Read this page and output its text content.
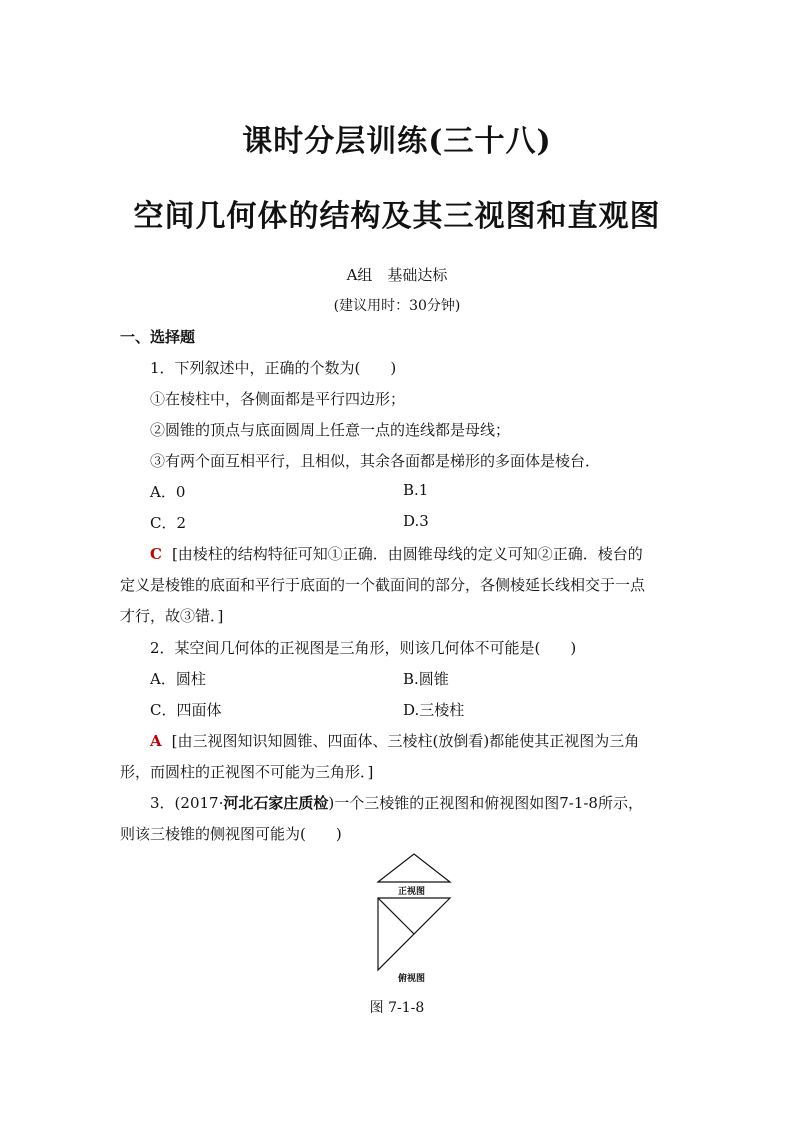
课时分层训练(三十八)
空间几何体的结构及其三视图和直观图
A组　基础达标
(建议用时：30分钟)
一、选择题
1．下列叙述中，正确的个数为(　　)
①在棱柱中，各侧面都是平行四边形；
②圆锥的顶点与底面圆周上任意一点的连线都是母线；
③有两个面互相平行，且相似，其余各面都是梯形的多面体是棱台．
A．0	B.1
C．2	D.3
C [由棱柱的结构特征可知①正确．由圆锥母线的定义可知②正确．棱台的
定义是棱锥的底面和平行于底面的一个截面间的部分，各侧棱延长线相交于一点
才行，故③错．]
2．某空间几何体的正视图是三角形，则该几何体不可能是(　　)
A．圆柱	B.圆锥
C．四面体	D.三棱柱
A [由三视图知识知圆锥、四面体、三棱柱(放倒看)都能使其正视图为三角
形，而圆柱的正视图不可能为三角形．]
3．(2017·河北石家庄质检)一个三棱锥的正视图和俯视图如图7-1-8所示，
则该三棱锥的侧视图可能为(　　)
正视图
俯视图
图 7-1-8
